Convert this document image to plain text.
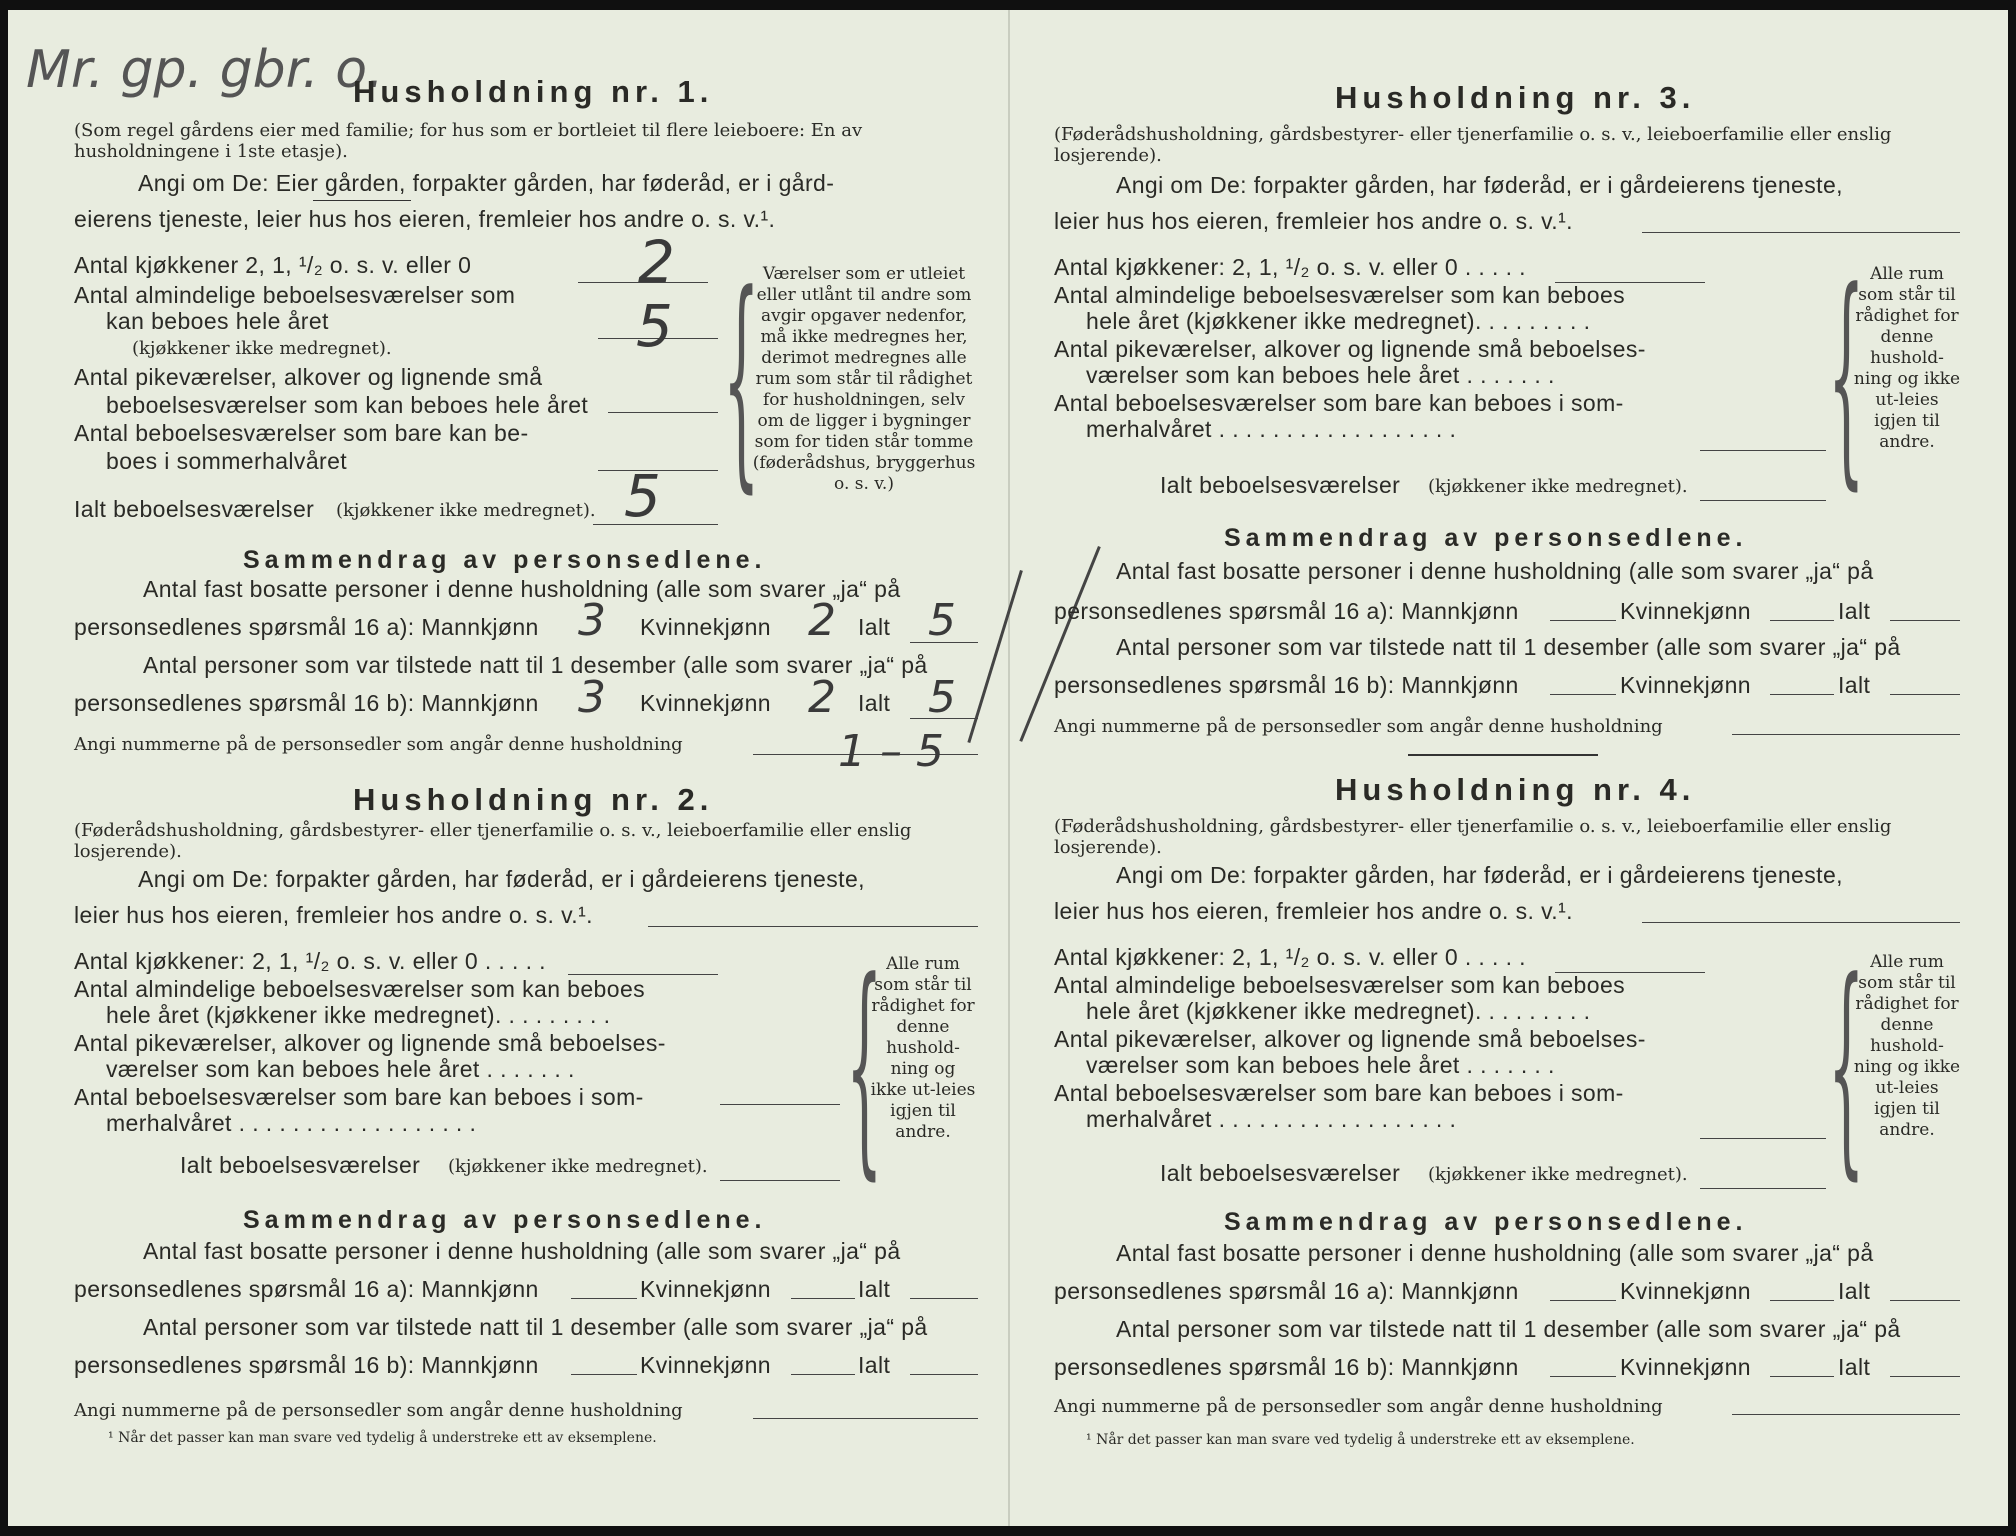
Mr. gp. gbr. o.
Husholdning nr. 1.
(Som regel gårdens eier med familie; for hus som er bortleiet til flere leieboere: En av husholdningene i 1ste etasje).
Angi om De: Eier gården, forpakter gården, har føderåd, er i gård-
eierens tjeneste, leier hus hos eieren, fremleier hos andre o. s. v.¹.
Antal kjøkkener 2, 1, ¹/₂ o. s. v. eller 0	2
Antal almindelige beboelsesværelser som
kan beboes hele året
(kjøkkener ikke medregnet).	5
Antal pikeværelser, alkover og lignende små
beboelsesværelser som kan beboes hele året
Antal beboelsesværelser som bare kan be-
boes i sommerhalvåret
Ialt beboelsesværelser (kjøkkener ikke medregnet). 5 { Værelser som er utleiet eller utlånt til andre som avgir opgaver nedenfor, må ikke medregnes her, derimot medregnes alle rum som står til rådighet for husholdningen, selv om de ligger i bygninger som for tiden står tomme (føderådshus, bryggerhus o. s. v.)
Sammendrag av personsedlene.
Antal fast bosatte personer i denne husholdning (alle som svarer „ja“ på
personsedlenes spørsmål 16 a): Mannkjønn 3 Kvinnekjønn 2 Ialt 5
Antal personer som var tilstede natt til 1 desember (alle som svarer „ja“ på
personsedlenes spørsmål 16 b): Mannkjønn 3 Kvinnekjønn 2 Ialt 5
Angi nummerne på de personsedler som angår denne husholdning	1 – 5
Husholdning nr. 2.
(Føderådshusholdning, gårdsbestyrer- eller tjenerfamilie o. s. v., leieboerfamilie eller enslig losjerende).
Angi om De: forpakter gården, har føderåd, er i gårdeierens tjeneste,
leier hus hos eieren, fremleier hos andre o. s. v.¹.
Antal kjøkkener: 2, 1, ¹/₂ o. s. v. eller 0 . . . . .
Antal almindelige beboelsesværelser som kan beboes
hele året (kjøkkener ikke medregnet). . . . . . . . .
Antal pikeværelser, alkover og lignende små beboelses-
værelser som kan beboes hele året . . . . . . .
Antal beboelsesværelser som bare kan beboes i som-
merhalvåret . . . . . . . . . . . . . . . . . .
Ialt beboelsesværelser (kjøkkener ikke medregnet). { Alle rum som står til rådighet for denne hushold-ning og ikke ut-leies igjen til andre.
Sammendrag av personsedlene.
Antal fast bosatte personer i denne husholdning (alle som svarer „ja“ på
personsedlenes spørsmål 16 a): Mannkjønn	Kvinnekjønn	Ialt
Antal personer som var tilstede natt til 1 desember (alle som svarer „ja“ på
personsedlenes spørsmål 16 b): Mannkjønn	Kvinnekjønn	Ialt
Angi nummerne på de personsedler som angår denne husholdning
¹ Når det passer kan man svare ved tydelig å understreke ett av eksemplene.
Husholdning nr. 3.
(Føderådshusholdning, gårdsbestyrer- eller tjenerfamilie o. s. v., leieboerfamilie eller enslig losjerende).
Angi om De: forpakter gården, har føderåd, er i gårdeierens tjeneste,
leier hus hos eieren, fremleier hos andre o. s. v.¹.
Antal kjøkkener: 2, 1, ¹/₂ o. s. v. eller 0 . . . . .
Antal almindelige beboelsesværelser som kan beboes
hele året (kjøkkener ikke medregnet). . . . . . . . .
Antal pikeværelser, alkover og lignende små beboelses-
værelser som kan beboes hele året . . . . . . .
Antal beboelsesværelser som bare kan beboes i som-
merhalvåret . . . . . . . . . . . . . . . . . .
Ialt beboelsesværelser (kjøkkener ikke medregnet). { Alle rum som står til rådighet for denne hushold-ning og ikke ut-leies igjen til andre.
Sammendrag av personsedlene.
Antal fast bosatte personer i denne husholdning (alle som svarer „ja“ på
personsedlenes spørsmål 16 a): Mannkjønn	Kvinnekjønn	Ialt
Antal personer som var tilstede natt til 1 desember (alle som svarer „ja“ på
personsedlenes spørsmål 16 b): Mannkjønn	Kvinnekjønn	Ialt
Angi nummerne på de personsedler som angår denne husholdning
Husholdning nr. 4.
(Føderådshusholdning, gårdsbestyrer- eller tjenerfamilie o. s. v., leieboerfamilie eller enslig losjerende).
Angi om De: forpakter gården, har føderåd, er i gårdeierens tjeneste,
leier hus hos eieren, fremleier hos andre o. s. v.¹.
Antal kjøkkener: 2, 1, ¹/₂ o. s. v. eller 0 . . . . .
Antal almindelige beboelsesværelser som kan beboes
hele året (kjøkkener ikke medregnet). . . . . . . . .
Antal pikeværelser, alkover og lignende små beboelses-
værelser som kan beboes hele året . . . . . . .
Antal beboelsesværelser som bare kan beboes i som-
merhalvåret . . . . . . . . . . . . . . . . . .
Ialt beboelsesværelser (kjøkkener ikke medregnet). { Alle rum som står til rådighet for denne hushold-ning og ikke ut-leies igjen til andre.
Sammendrag av personsedlene.
Antal fast bosatte personer i denne husholdning (alle som svarer „ja“ på
personsedlenes spørsmål 16 a): Mannkjønn	Kvinnekjønn	Ialt
Antal personer som var tilstede natt til 1 desember (alle som svarer „ja“ på
personsedlenes spørsmål 16 b): Mannkjønn	Kvinnekjønn	Ialt
Angi nummerne på de personsedler som angår denne husholdning
¹ Når det passer kan man svare ved tydelig å understreke ett av eksemplene.
